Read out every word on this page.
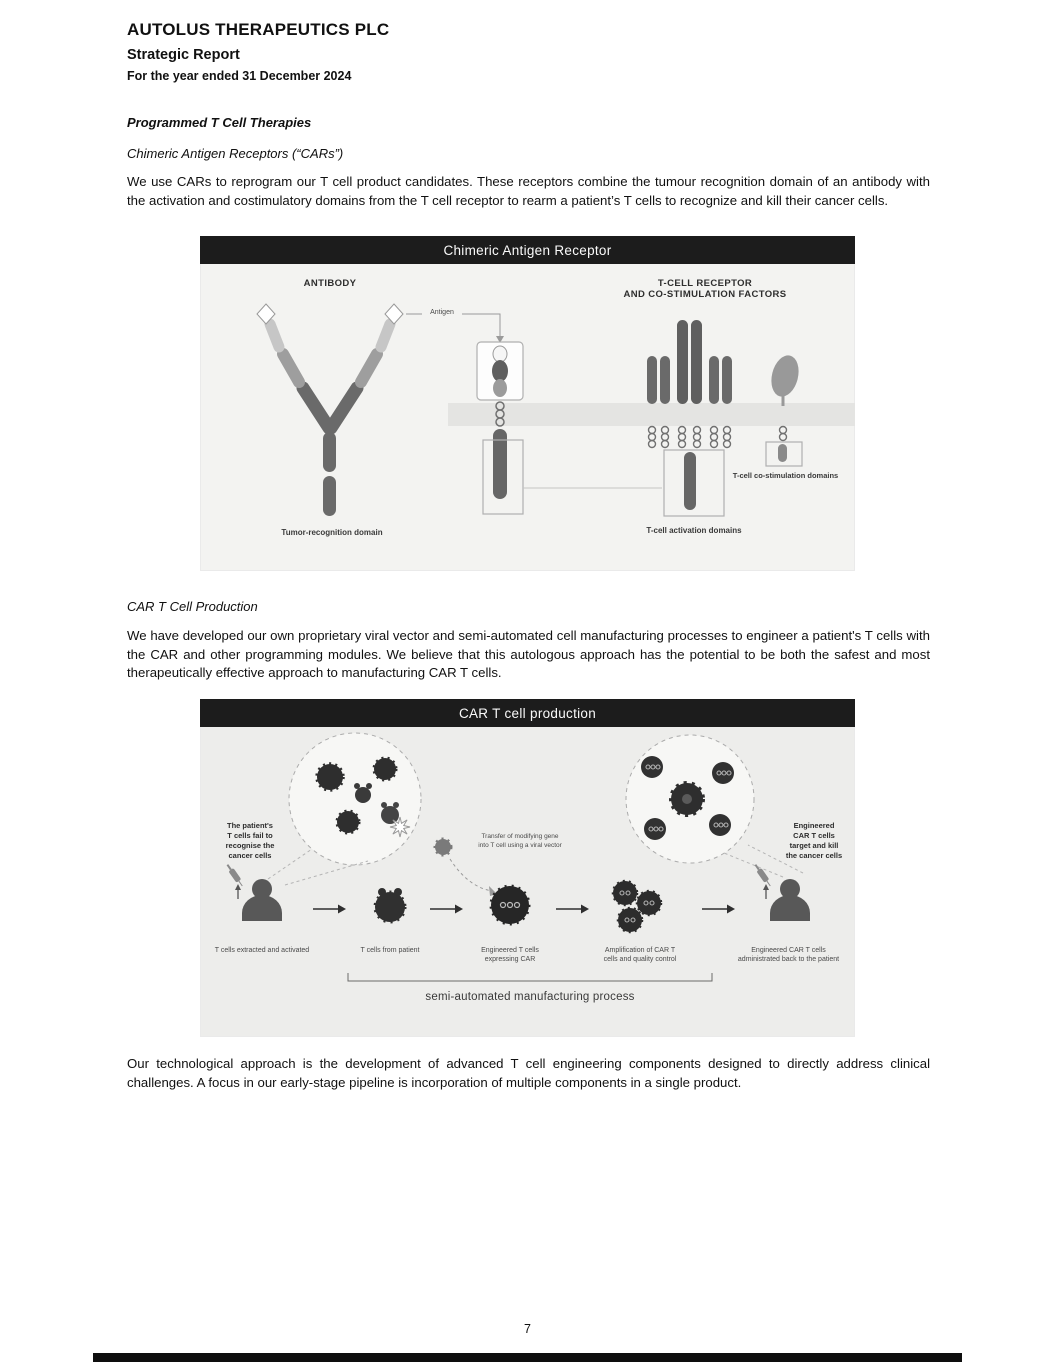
AUTOLUS THERAPEUTICS PLC
Strategic Report
For the year ended 31 December 2024
Programmed T Cell Therapies
Chimeric Antigen Receptors (“CARs”)
We use CARs to reprogram our T cell product candidates. These receptors combine the tumour recognition domain of an antibody with the activation and costimulatory domains from the T cell receptor to rearm a patient’s T cells to recognize and kill their cancer cells.
Chimeric Antigen Receptor
ANTIBODY	T-CELL RECEPTOR
AND CO-STIMULATION FACTORS
Antigen
Tumor-recognition domain	T-cell activation domains
T-cell co-stimulation domains
CAR T Cell Production
We have developed our own proprietary viral vector and semi-automated cell manufacturing processes to engineer a patient's T cells with the CAR and other programming modules. We believe that this autologous approach has the potential to be both the safest and most therapeutically effective approach to manufacturing CAR T cells.
CAR T cell production
The patient's
T cells fail to
recognise the
cancer cells
Engineered
CAR T cells
target and kill
the cancer cells
Transfer of modifying gene
into T cell using a viral vector
T cells extracted and activated	T cells from patient	Engineered T cells
expressing CAR
Amplification of CAR T
cells and quality control
Engineered CAR T cells
administrated back to the patient
semi-automated manufacturing process
Our technological approach is the development of advanced T cell engineering components designed to directly address clinical challenges. A focus in our early-stage pipeline is incorporation of multiple components in a single product.
7
